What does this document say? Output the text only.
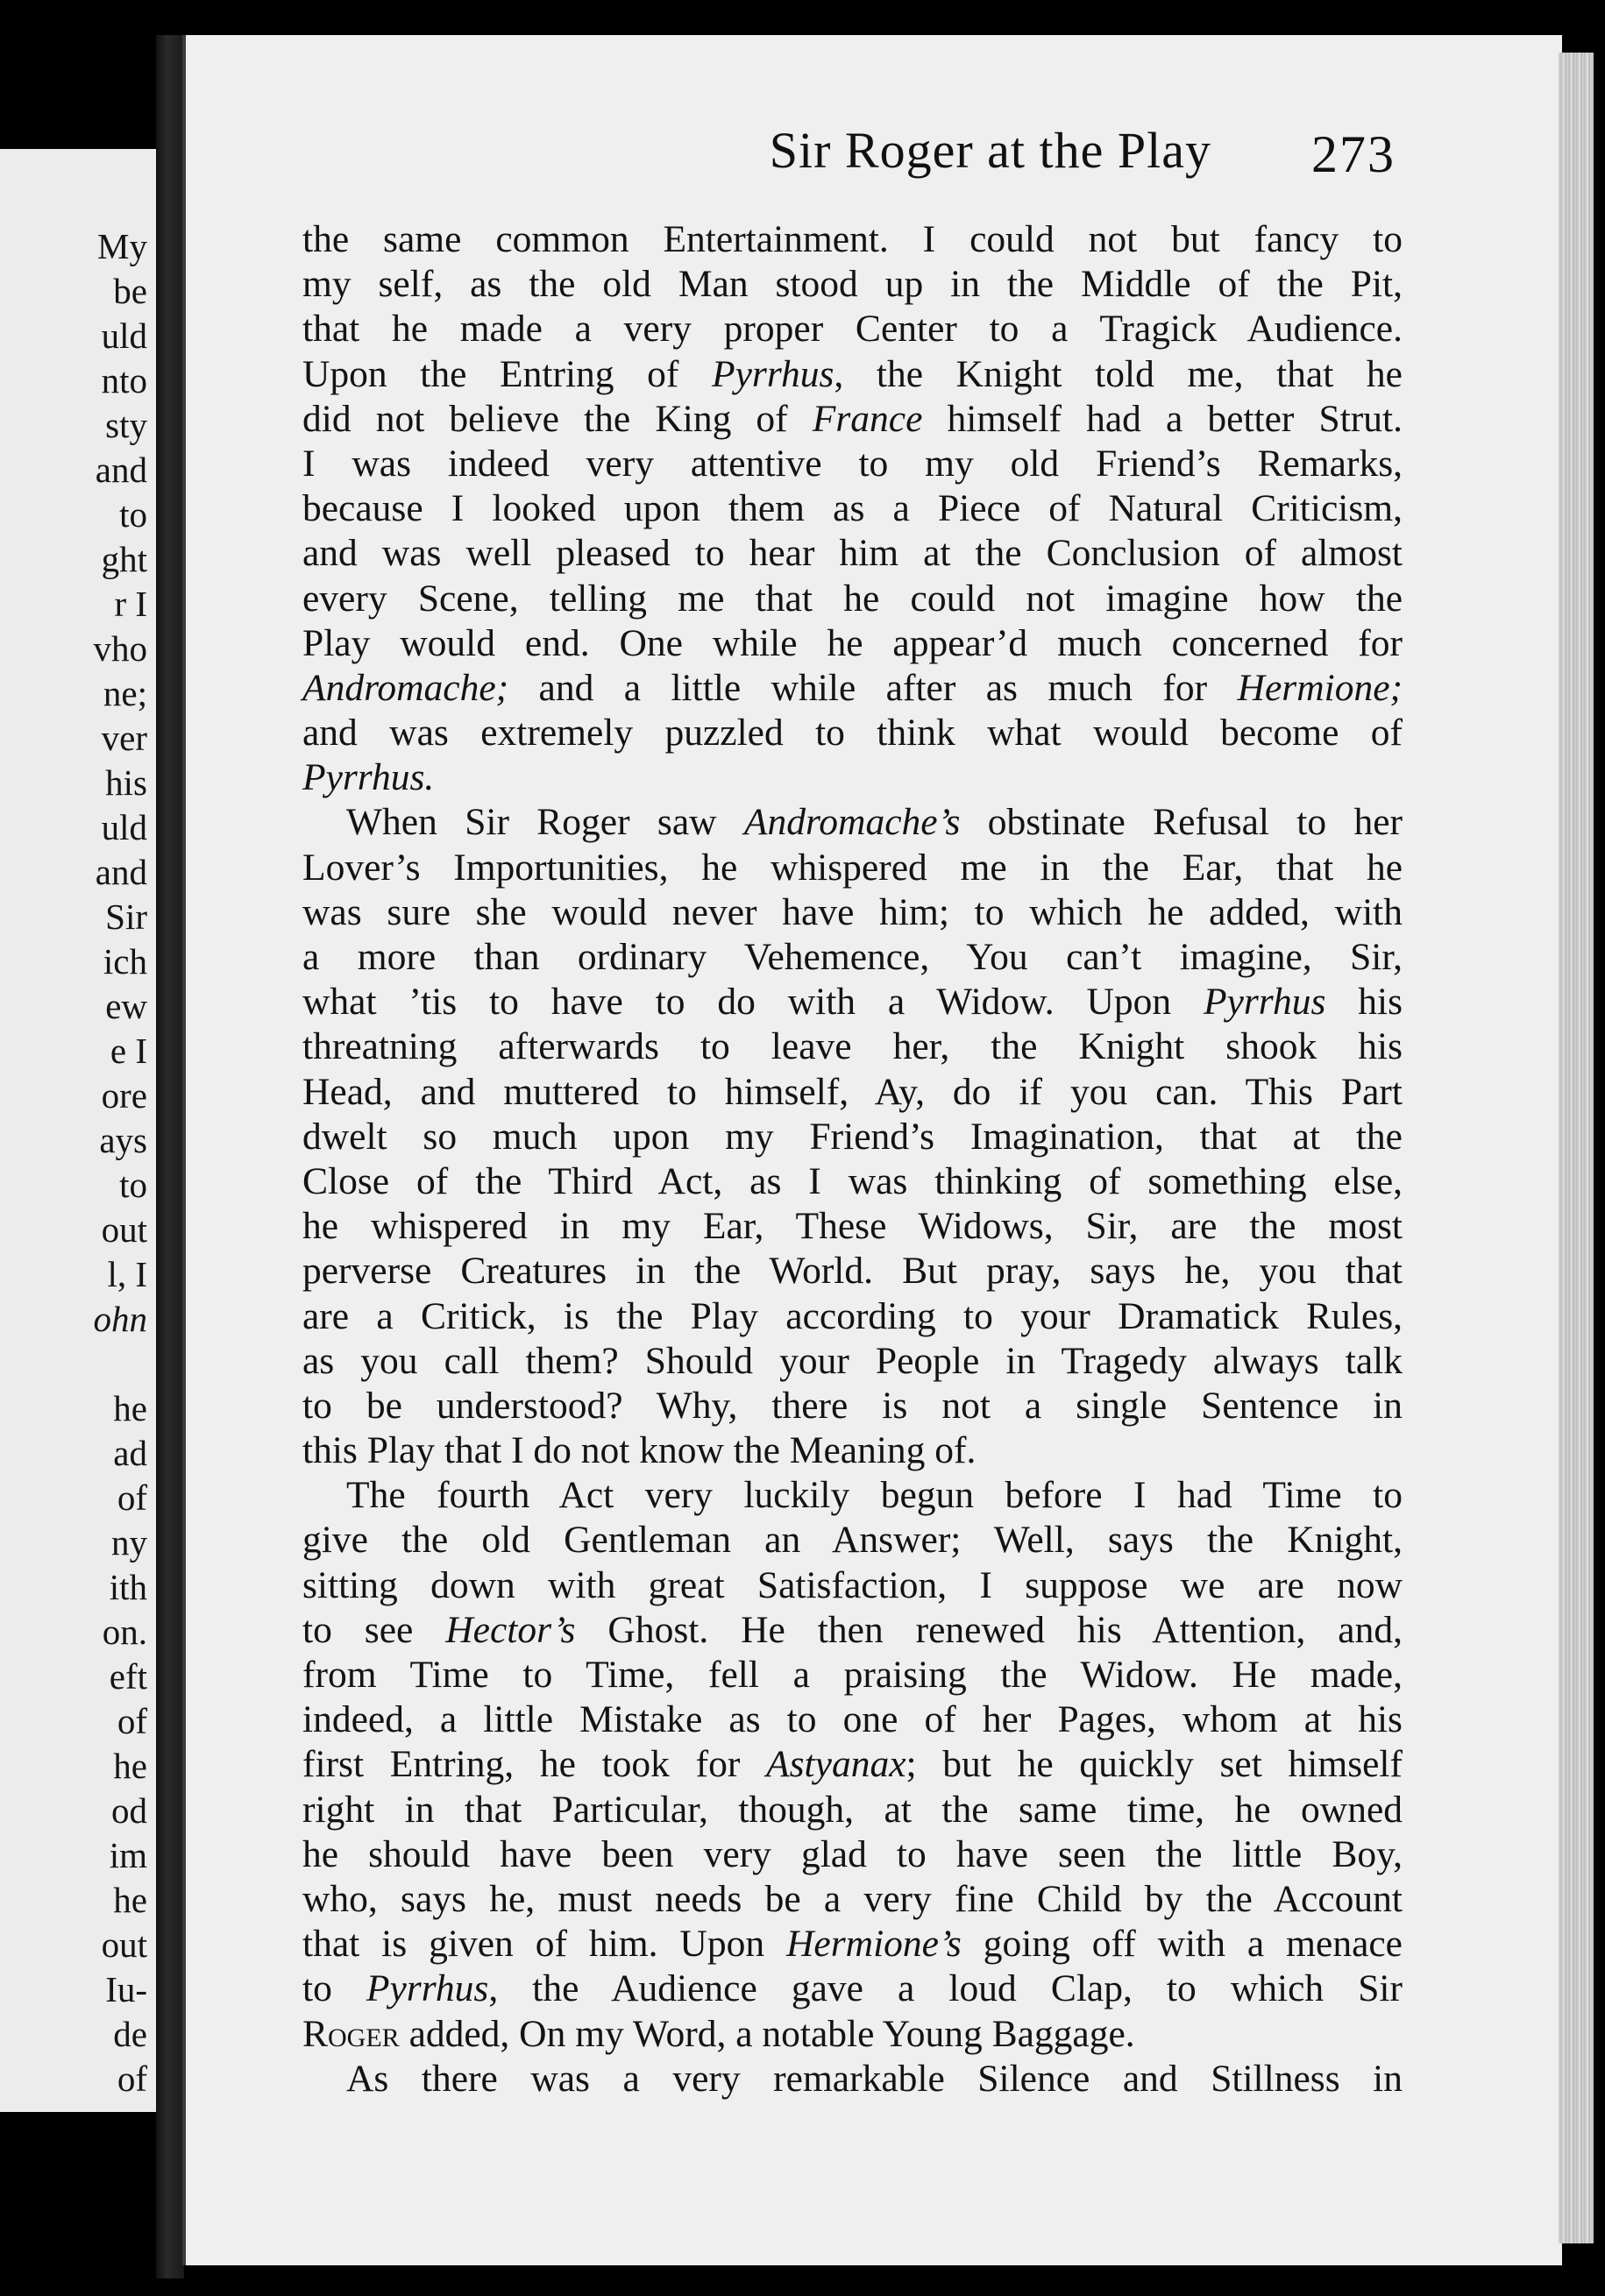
My
be
uld
nto
sty
and
to
ght
r I
vho
ne;
ver
his
uld
and
Sir
ich
ew
e I
ore
ays
to
out
l, I
ohn
he
ad
of
ny
ith
on.
eft
of
he
od
im
he
out
Iu-
de
of
Sir Roger at the Play 273
the same common Entertainment. I could not but fancy to
my self, as the old Man stood up in the Middle of the Pit,
that he made a very proper Center to a Tragick Audience.
Upon the Entring of Pyrrhus, the Knight told me, that he
did not believe the King of France himself had a better Strut.
I was indeed very attentive to my old Friend’s Remarks,
because I looked upon them as a Piece of Natural Criticism,
and was well pleased to hear him at the Conclusion of almost
every Scene, telling me that he could not imagine how the
Play would end. One while he appear’d much concerned for
Andromache; and a little while after as much for Hermione;
and was extremely puzzled to think what would become of
Pyrrhus.
When Sir Roger saw Andromache’s obstinate Refusal to her
Lover’s Importunities, he whispered me in the Ear, that he
was sure she would never have him; to which he added, with
a more than ordinary Vehemence, You can’t imagine, Sir,
what ’tis to have to do with a Widow. Upon Pyrrhus his
threatning afterwards to leave her, the Knight shook his
Head, and muttered to himself, Ay, do if you can. This Part
dwelt so much upon my Friend’s Imagination, that at the
Close of the Third Act, as I was thinking of something else,
he whispered in my Ear, These Widows, Sir, are the most
perverse Creatures in the World. But pray, says he, you that
are a Critick, is the Play according to your Dramatick Rules,
as you call them? Should your People in Tragedy always talk
to be understood? Why, there is not a single Sentence in
this Play that I do not know the Meaning of.
The fourth Act very luckily begun before I had Time to
give the old Gentleman an Answer; Well, says the Knight,
sitting down with great Satisfaction, I suppose we are now
to see Hector’s Ghost. He then renewed his Attention, and,
from Time to Time, fell a praising the Widow. He made,
indeed, a little Mistake as to one of her Pages, whom at his
first Entring, he took for Astyanax; but he quickly set himself
right in that Particular, though, at the same time, he owned
he should have been very glad to have seen the little Boy,
who, says he, must needs be a very fine Child by the Account
that is given of him. Upon Hermione’s going off with a menace
to Pyrrhus, the Audience gave a loud Clap, to which Sir
Roger added, On my Word, a notable Young Baggage.
As there was a very remarkable Silence and Stillness in
